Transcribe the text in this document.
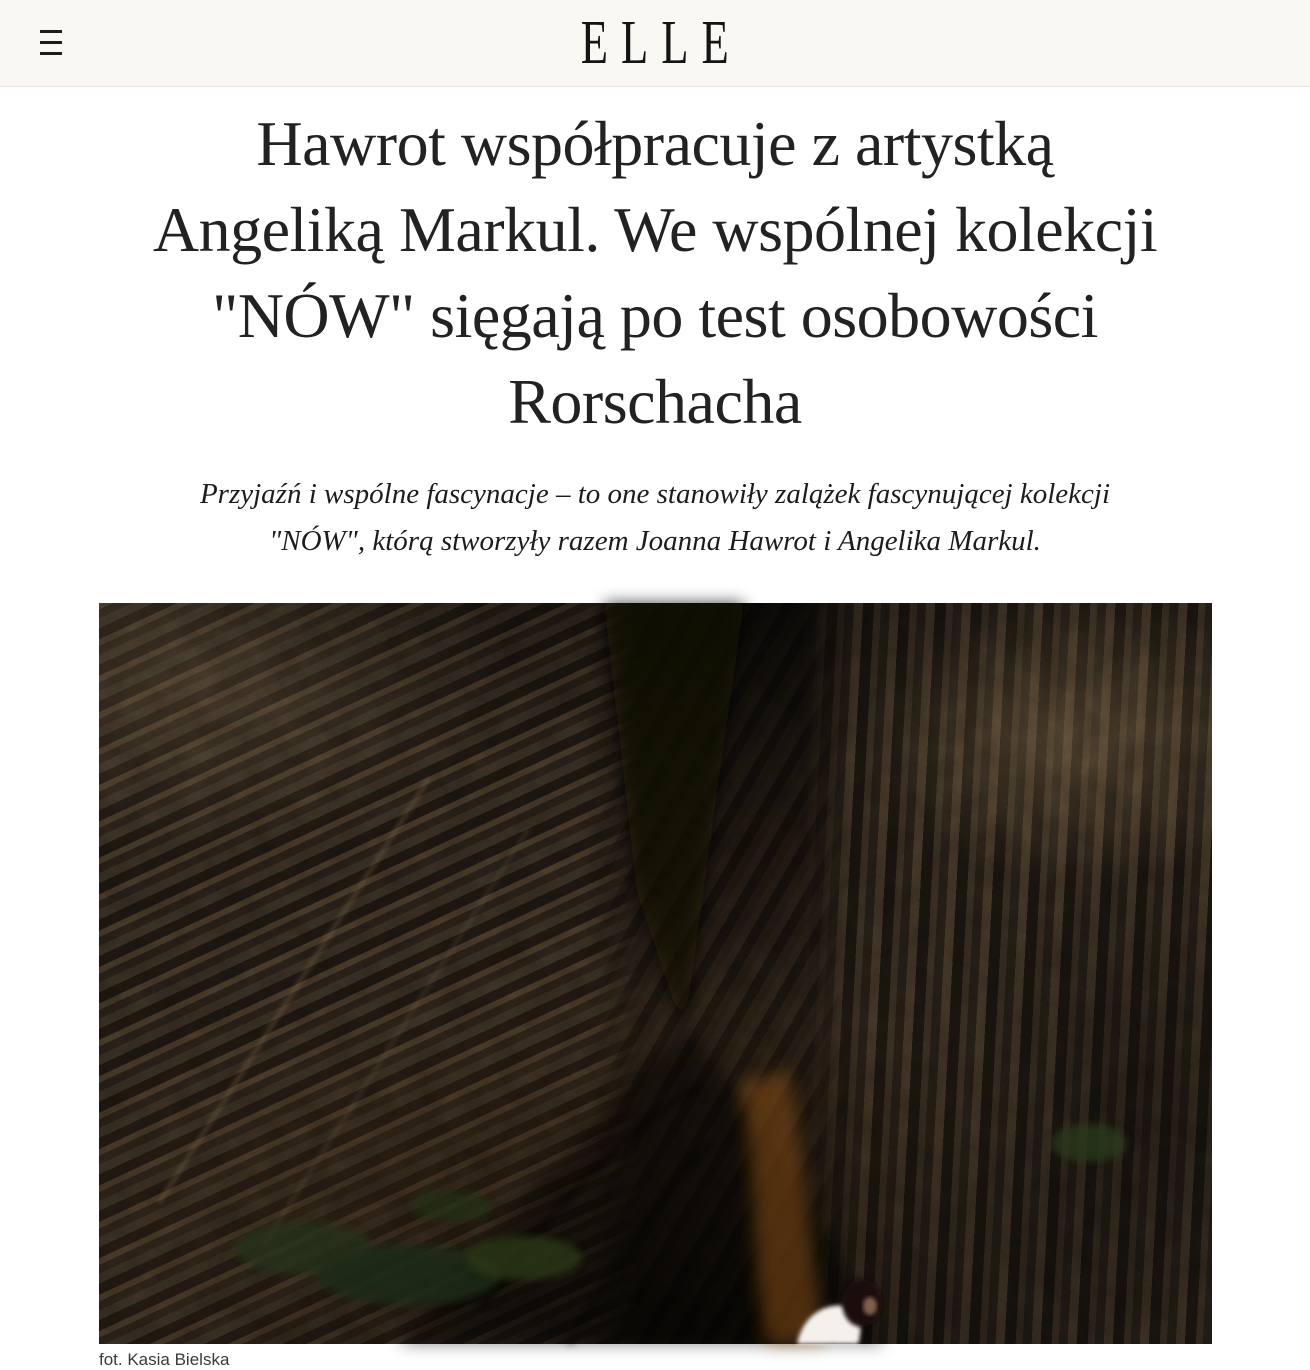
ELLE
Hawrot współpracuje z artystką
Angeliką Markul. We wspólnej kolekcji
"NÓW" sięgają po test osobowości
Rorschacha
Przyjaźń i wspólne fascynacje – to one stanowiły zalążek fascynującej kolekcji
"NÓW", którą stworzyły razem Joanna Hawrot i Angelika Markul.
fot. Kasia Bielska
